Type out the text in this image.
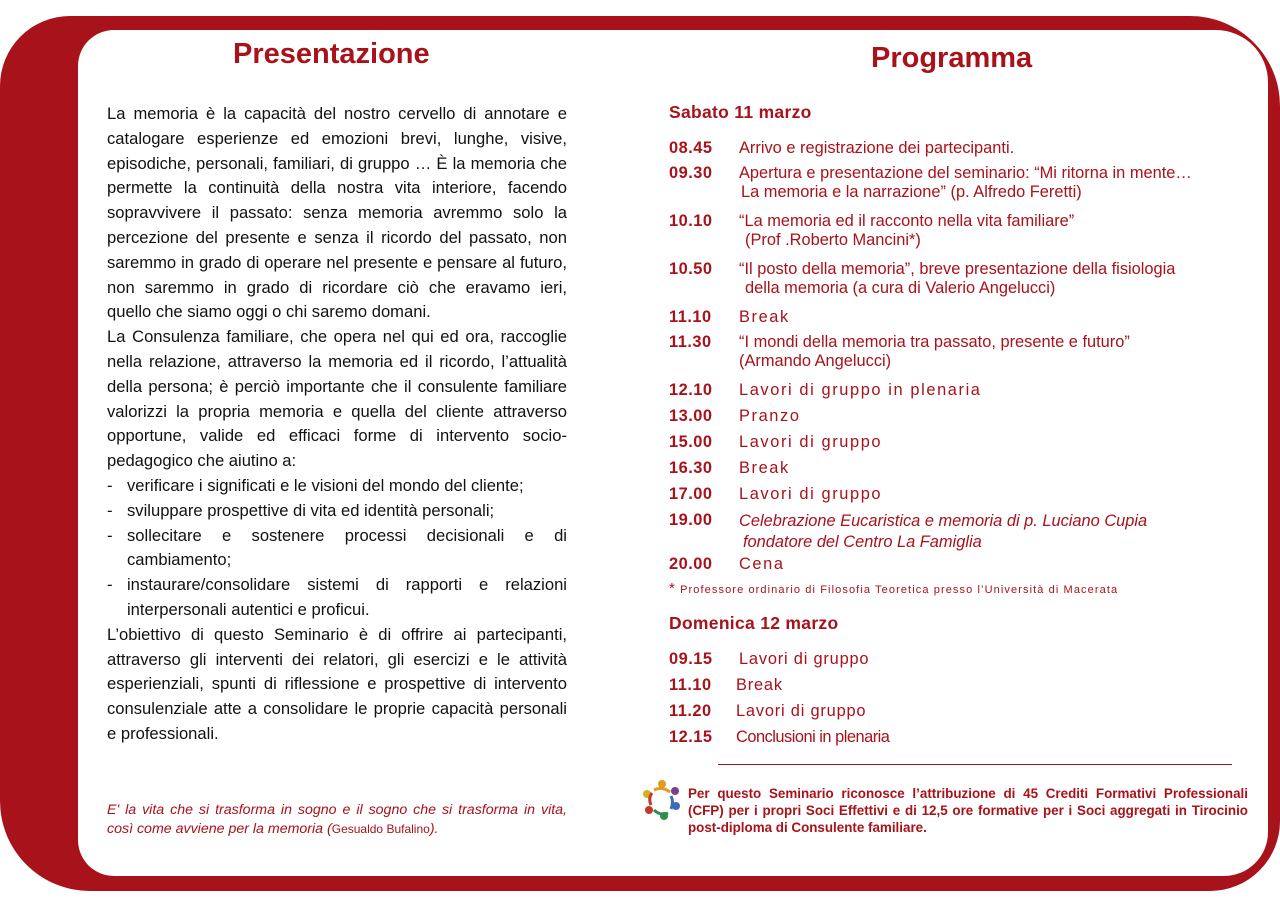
Presentazione	Programma

La memoria è la capacità del nostro cervello di annotare e catalogare esperienze ed emozioni brevi, lunghe, visive, episodiche, personali, familiari, di gruppo … È la memoria che permette la continuità della nostra vita interiore, facendo sopravvivere il passato: senza memoria avremmo solo la percezione del presente e senza il ricordo del passato, non saremmo in grado di operare nel presente e pensare al futuro, non saremmo in grado di ricordare ciò che eravamo ieri, quello che siamo oggi o chi saremo domani.

La Consulenza familiare, che opera nel qui ed ora, raccoglie nella relazione, attraverso la memoria ed il ricordo, l’attualità della persona; è perciò importante che il consulente familiare valorizzi la propria memoria e quella del cliente attraverso opportune, valide ed efficaci forme di intervento socio-pedagogico che aiutino a:

- verificare i significati e le visioni del mondo del cliente;
- sviluppare prospettive di vita ed identità personali;
- sollecitare e sostenere processi decisionali e di cambiamento;
- instaurare/consolidare sistemi di rapporti e relazioni interpersonali autentici e proficui.

L’obiettivo di questo Seminario è di offrire ai partecipanti, attraverso gli interventi dei relatori, gli esercizi e le attività esperienziali, spunti di riflessione e prospettive di intervento consulenziale atte a consolidare le proprie capacità personali e professionali.

E' la vita che si trasforma in sogno e il sogno che si trasforma in vita, così come avviene per la memoria (Gesualdo Bufalino).
Sabato 11 marzo
08.45	Arrivo e registrazione dei partecipanti.
09.30	Apertura e presentazione del seminario: “Mi ritorna in mente…
La memoria e la narrazione” (p. Alfredo Feretti)
10.10	“La memoria ed il racconto nella vita familiare”
(Prof .Roberto Mancini*)
10.50	“Il posto della memoria”, breve presentazione della fisiologia
della memoria (a cura di Valerio Angelucci)
11.10	Break
11.30	“I mondi della memoria tra passato, presente e futuro”
(Armando Angelucci)
12.10	Lavori di gruppo in plenaria
13.00	Pranzo
15.00	Lavori di gruppo
16.30	Break
17.00	Lavori di gruppo
19.00	Celebrazione Eucaristica e memoria di p. Luciano Cupia
fondatore del Centro La Famiglia
20.00	Cena
* Professore ordinario di Filosofia Teoretica presso l’Università di Macerata
Domenica 12 marzo
09.15	Lavori di gruppo
11.10	Break
11.20	Lavori di gruppo
12.15	Conclusioni in plenaria
Per questo Seminario riconosce l’attribuzione di 45 Crediti Formativi Professionali (CFP) per i propri Soci Effettivi e di 12,5 ore formative per i Soci aggregati in Tirocinio post-diploma di Consulente familiare.
